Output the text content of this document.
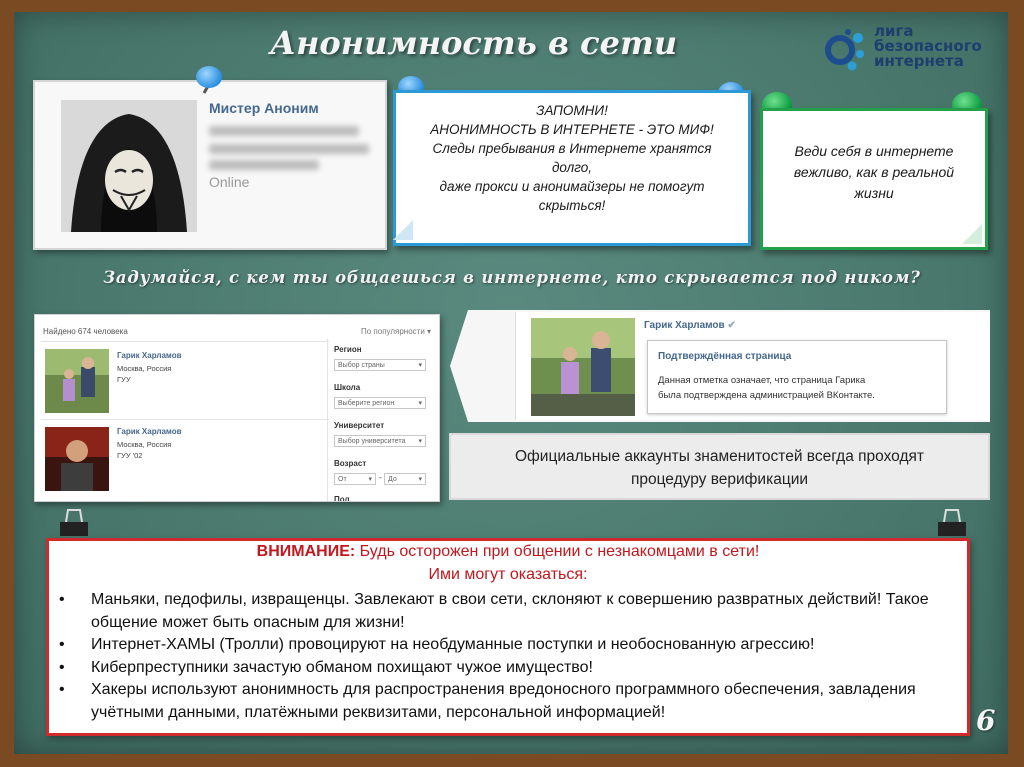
Анонимность в сети	лига
безопасного
интернета
Мистер Аноним
Online
ЗАПОМНИ!
АНОНИМНОСТЬ В ИНТЕРНЕТЕ - ЭТО МИФ!
Следы пребывания в Интернете хранятся
долго,
даже прокси и анонимайзеры не помогут
скрыться!
Веди себя в интернете
вежливо, как в реальной
жизни
Задумайся, с кем ты общаешься в интернете, кто скрывается под ником?
Найдено 674 человека	По популярности ▾
Гарик Харламов
Москва, Россия
ГУУ
Гарик Харламов
Москва, Россия
ГУУ '02
Регион
Выбор страны	▾
Школа
Выберите регион	▾
Университет
Выбор университета ▾
Возраст
От	▾ - До	▾
Пол
Гарик Харламов ✔
Подтверждённая страница
Данная отметка означает, что страница Гарика
была подтверждена администрацией ВКонтакте.
Официальные аккаунты знаменитостей всегда проходят
процедуру верификации
ВНИМАНИЕ: Будь осторожен при общении с незнакомцами в сети!
Ими могут оказаться:
• Маньяки, педофилы, извращенцы. Завлекают в свои сети, склоняют к совершению развратных действий! Такое общение может быть опасным для жизни!
• Интернет-ХАМЫ (Тролли) провоцируют на необдуманные поступки и необоснованную агрессию!
• Киберпреступники зачастую обманом похищают чужое имущество!
• Хакеры используют анонимность для распространения вредоносного программного обеспечения, завладения учётными данными, платёжными реквизитами, персональной информацией!	6
